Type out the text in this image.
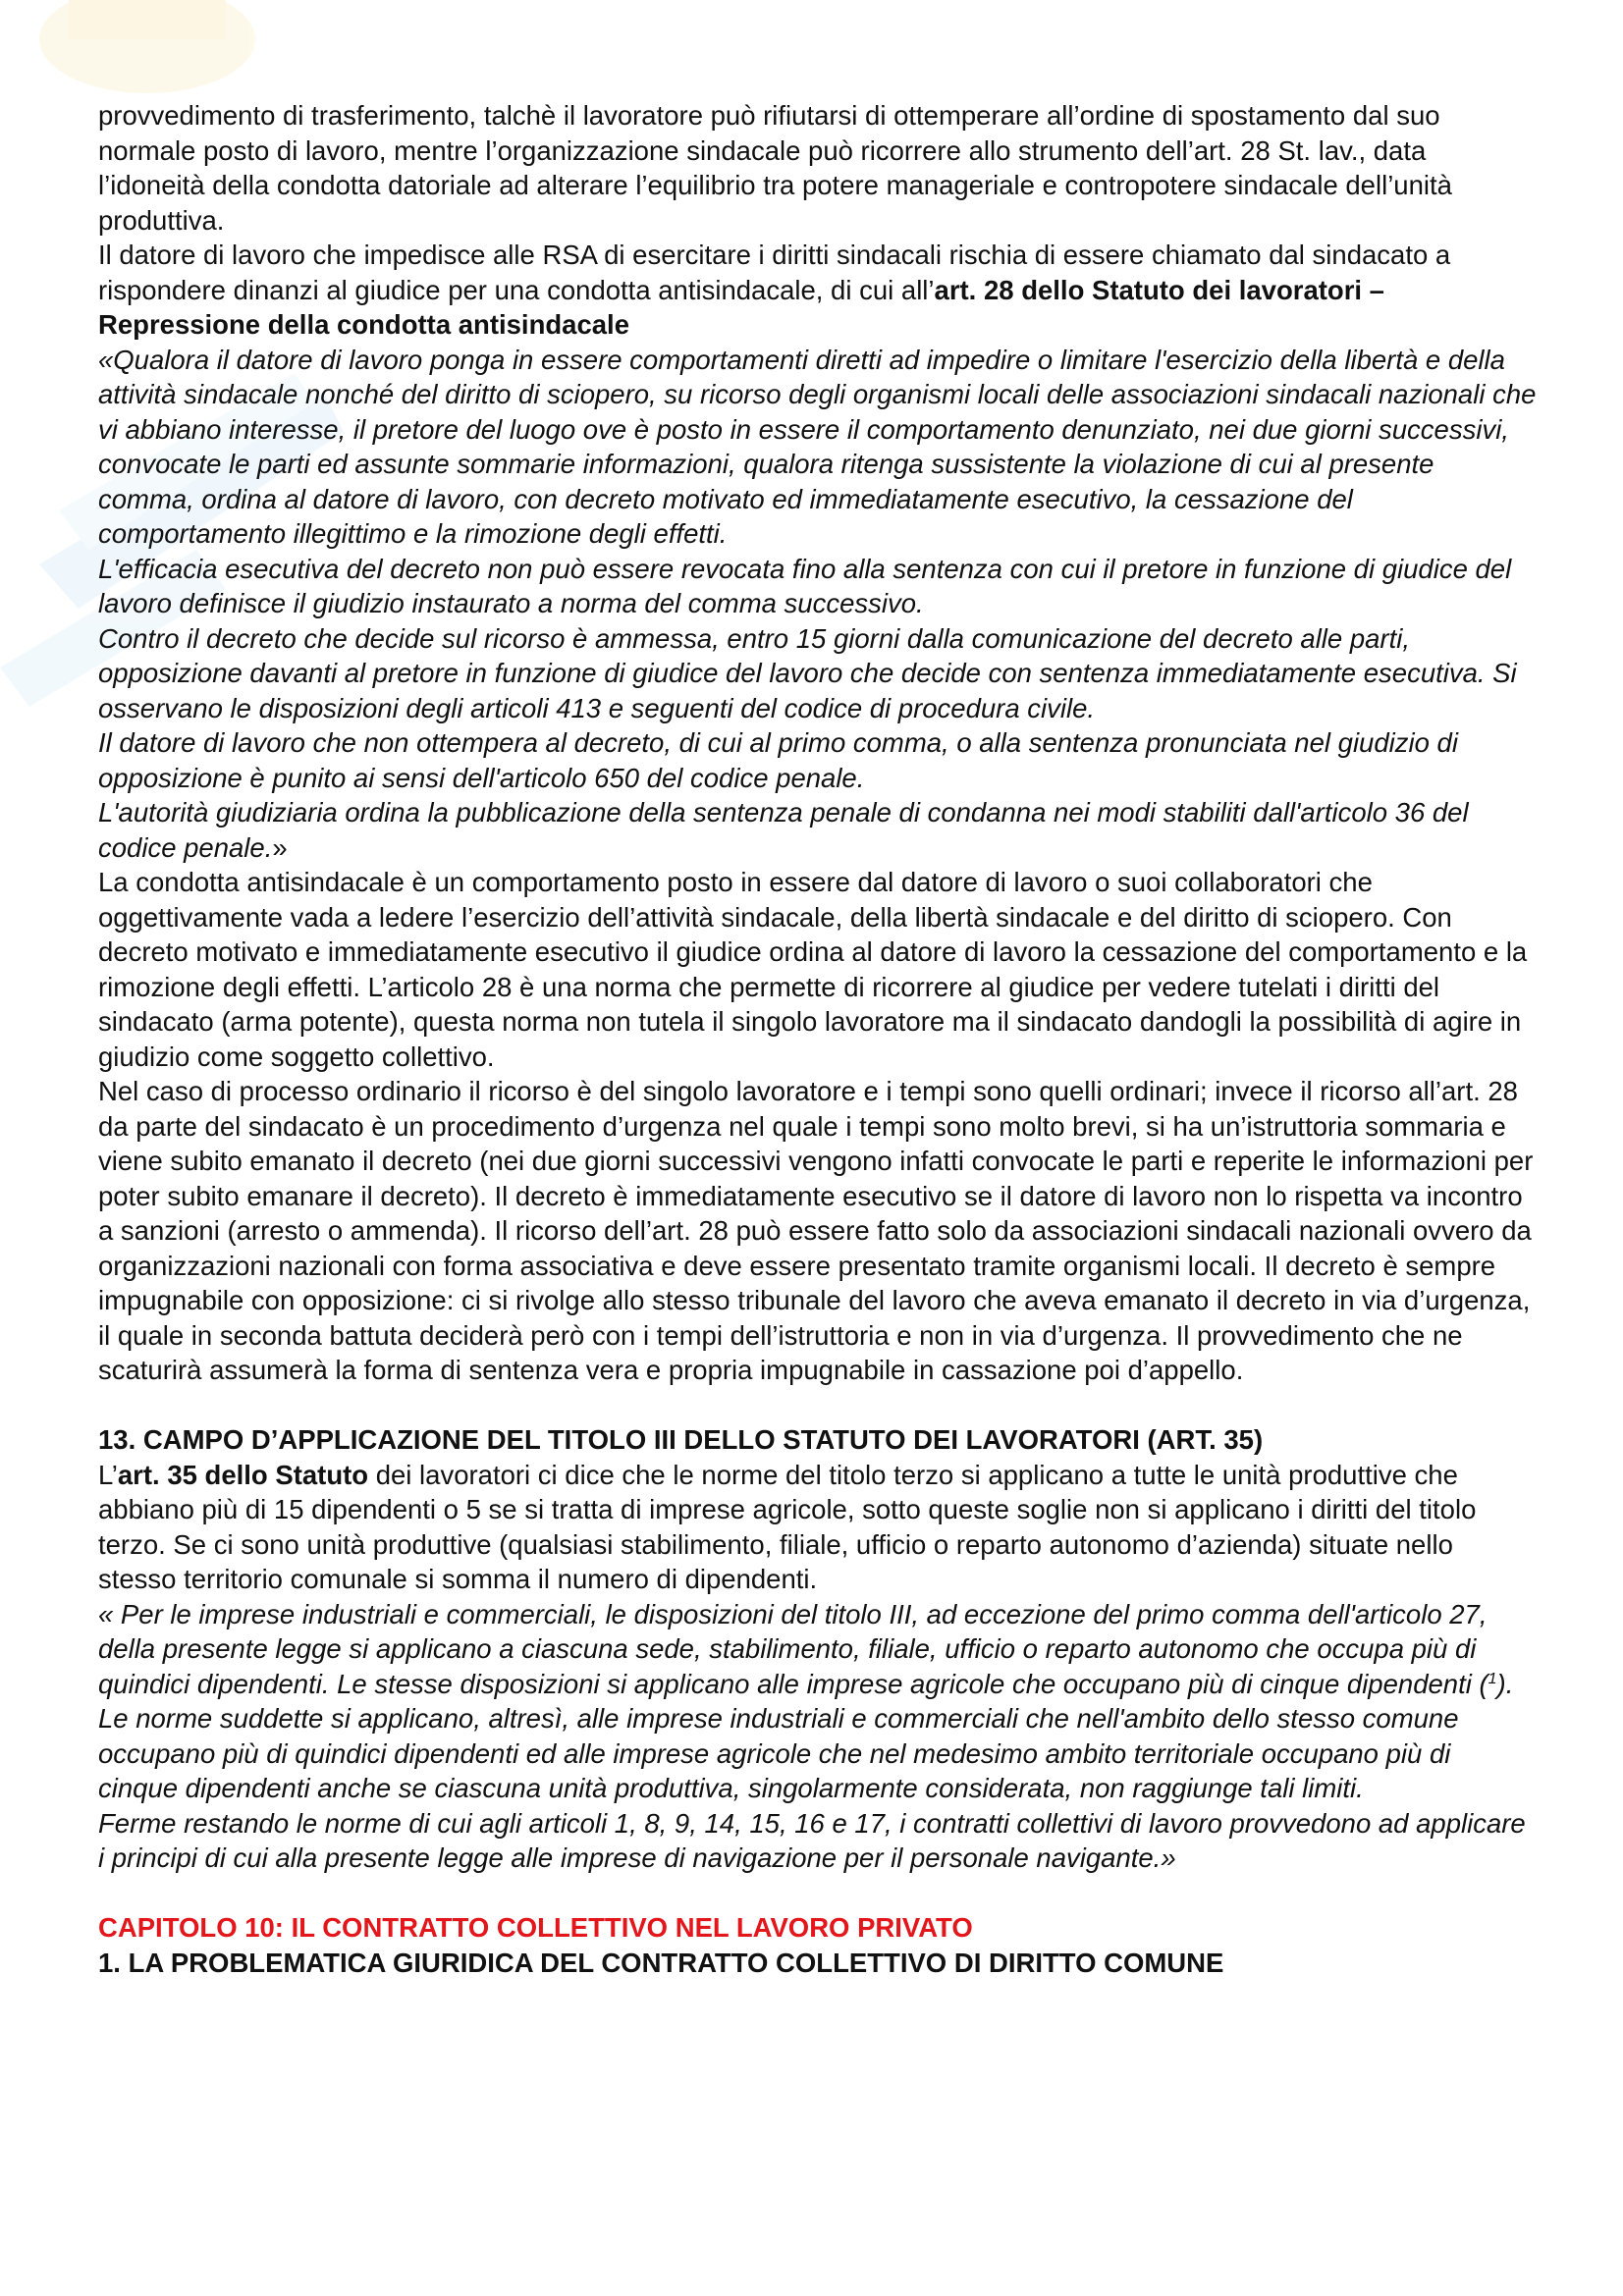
provvedimento di trasferimento, talchè il lavoratore può rifiutarsi di ottemperare all’ordine di spostamento dal suo normale posto di lavoro, mentre l’organizzazione sindacale può ricorrere allo strumento dell’art. 28 St. lav., data l’idoneità della condotta datoriale ad alterare l’equilibrio tra potere manageriale e contropotere sindacale dell’unità produttiva.

Il datore di lavoro che impedisce alle RSA di esercitare i diritti sindacali rischia di essere chiamato dal sindacato a rispondere dinanzi al giudice per una condotta antisindacale, di cui all’art. 28 dello Statuto dei lavoratori – Repressione della condotta antisindacale

«Qualora il datore di lavoro ponga in essere comportamenti diretti ad impedire o limitare l'esercizio della libertà e della attività sindacale nonché del diritto di sciopero, su ricorso degli organismi locali delle associazioni sindacali nazionali che vi abbiano interesse, il pretore del luogo ove è posto in essere il comportamento denunziato, nei due giorni successivi, convocate le parti ed assunte sommarie informazioni, qualora ritenga sussistente la violazione di cui al presente comma, ordina al datore di lavoro, con decreto motivato ed immediatamente esecutivo, la cessazione del comportamento illegittimo e la rimozione degli effetti.

L'efficacia esecutiva del decreto non può essere revocata fino alla sentenza con cui il pretore in funzione di giudice del lavoro definisce il giudizio instaurato a norma del comma successivo.

Contro il decreto che decide sul ricorso è ammessa, entro 15 giorni dalla comunicazione del decreto alle parti, opposizione davanti al pretore in funzione di giudice del lavoro che decide con sentenza immediatamente esecutiva. Si osservano le disposizioni degli articoli 413 e seguenti del codice di procedura civile.

Il datore di lavoro che non ottempera al decreto, di cui al primo comma, o alla sentenza pronunciata nel giudizio di opposizione è punito ai sensi dell'articolo 650 del codice penale.

L'autorità giudiziaria ordina la pubblicazione della sentenza penale di condanna nei modi stabiliti dall'articolo 36 del codice penale.»

La condotta antisindacale è un comportamento posto in essere dal datore di lavoro o suoi collaboratori che oggettivamente vada a ledere l’esercizio dell’attività sindacale, della libertà sindacale e del diritto di sciopero. Con decreto motivato e immediatamente esecutivo il giudice ordina al datore di lavoro la cessazione del comportamento e la rimozione degli effetti. L’articolo 28 è una norma che permette di ricorrere al giudice per vedere tutelati i diritti del sindacato (arma potente), questa norma non tutela il singolo lavoratore ma il sindacato dandogli la possibilità di agire in giudizio come soggetto collettivo.

Nel caso di processo ordinario il ricorso è del singolo lavoratore e i tempi sono quelli ordinari; invece il ricorso all’art. 28 da parte del sindacato è un procedimento d’urgenza nel quale i tempi sono molto brevi, si ha un’istruttoria sommaria e viene subito emanato il decreto (nei due giorni successivi vengono infatti convocate le parti e reperite le informazioni per poter subito emanare il decreto). Il decreto è immediatamente esecutivo se il datore di lavoro non lo rispetta va incontro a sanzioni (arresto o ammenda). Il ricorso dell’art. 28 può essere fatto solo da associazioni sindacali nazionali ovvero da organizzazioni nazionali con forma associativa e deve essere presentato tramite organismi locali. Il decreto è sempre impugnabile con opposizione: ci si rivolge allo stesso tribunale del lavoro che aveva emanato il decreto in via d’urgenza, il quale in seconda battuta deciderà però con i tempi dell’istruttoria e non in via d’urgenza. Il provvedimento che ne scaturirà assumerà la forma di sentenza vera e propria impugnabile in cassazione poi d’appello.

13. CAMPO D’APPLICAZIONE DEL TITOLO III DELLO STATUTO DEI LAVORATORI (ART. 35)

L’art. 35 dello Statuto dei lavoratori ci dice che le norme del titolo terzo si applicano a tutte le unità produttive che abbiano più di 15 dipendenti o 5 se si tratta di imprese agricole, sotto queste soglie non si applicano i diritti del titolo terzo. Se ci sono unità produttive (qualsiasi stabilimento, filiale, ufficio o reparto autonomo d’azienda) situate nello stesso territorio comunale si somma il numero di dipendenti.

« Per le imprese industriali e commerciali, le disposizioni del titolo III, ad eccezione del primo comma dell'articolo 27, della presente legge si applicano a ciascuna sede, stabilimento, filiale, ufficio o reparto autonomo che occupa più di quindici dipendenti. Le stesse disposizioni si applicano alle imprese agricole che occupano più di cinque dipendenti ($^1$).

Le norme suddette si applicano, altresì, alle imprese industriali e commerciali che nell'ambito dello stesso comune occupano più di quindici dipendenti ed alle imprese agricole che nel medesimo ambito territoriale occupano più di cinque dipendenti anche se ciascuna unità produttiva, singolarmente considerata, non raggiunge tali limiti.

Ferme restando le norme di cui agli articoli 1, 8, 9, 14, 15, 16 e 17, i contratti collettivi di lavoro provvedono ad applicare i principi di cui alla presente legge alle imprese di navigazione per il personale navigante.»

CAPITOLO 10: IL CONTRATTO COLLETTIVO NEL LAVORO PRIVATO

1. LA PROBLEMATICA GIURIDICA DEL CONTRATTO COLLETTIVO DI DIRITTO COMUNE
